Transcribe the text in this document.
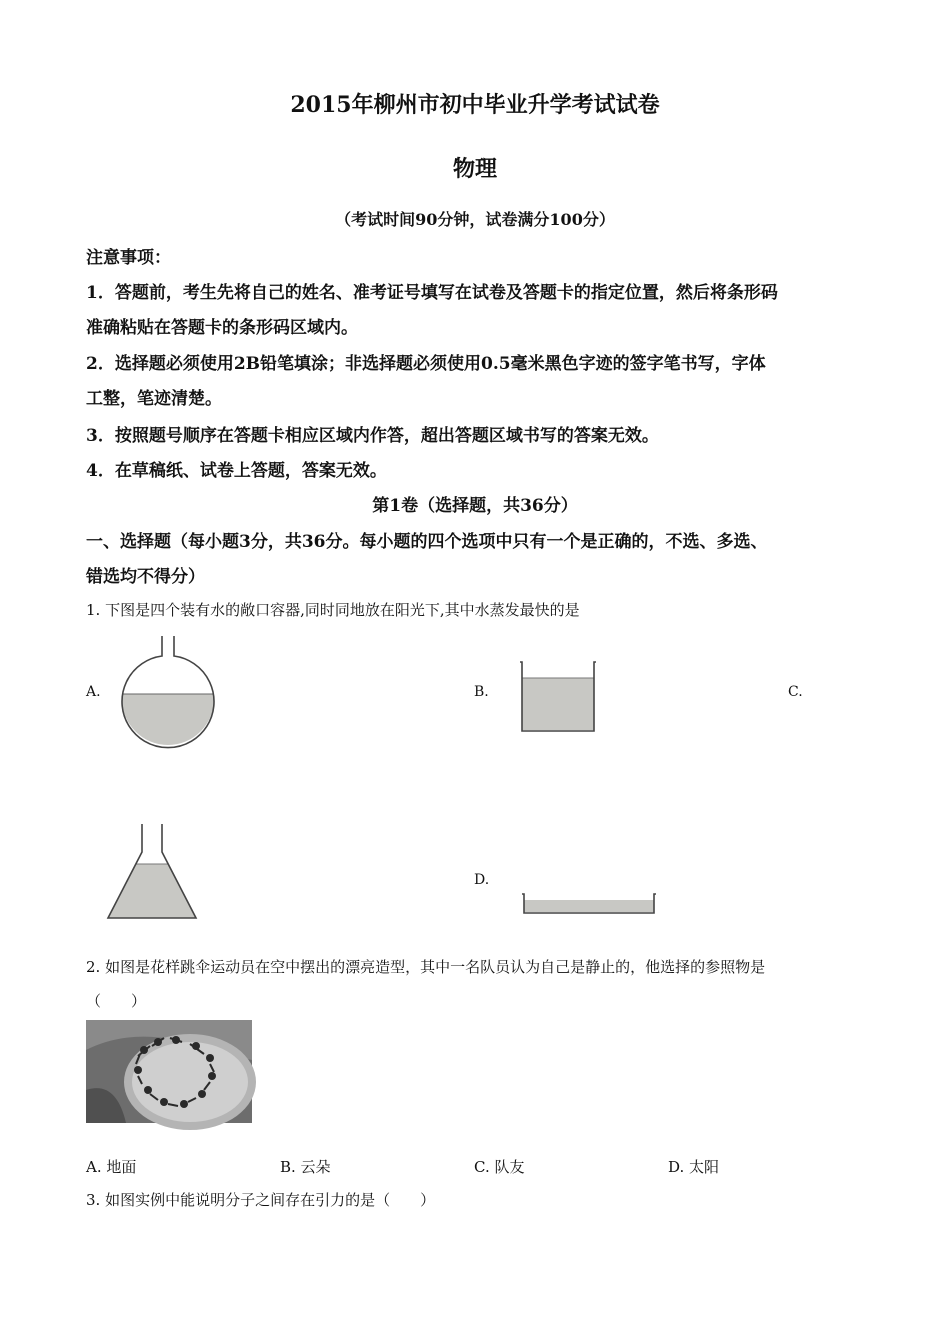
2015年柳州市初中毕业升学考试试卷
物理
（考试时间90分钟，试卷满分100分）
注意事项：
1．答题前，考生先将自己的姓名、准考证号填写在试卷及答题卡的指定位置，然后将条形码
准确粘贴在答题卡的条形码区域内。
2．选择题必须使用2B铅笔填涂；非选择题必须使用0.5毫米黑色字迹的签字笔书写，字体
工整，笔迹清楚。
3．按照题号顺序在答题卡相应区域内作答，超出答题区域书写的答案无效。
4．在草稿纸、试卷上答题，答案无效。
第1卷（选择题，共36分）
一、选择题（每小题3分，共36分。每小题的四个选项中只有一个是正确的，不选、多选、
错选均不得分）
1. 下图是四个装有水的敞口容器,同时同地放在阳光下,其中水蒸发最快的是
A.	B.	C.
D.
2. 如图是花样跳伞运动员在空中摆出的漂亮造型，其中一名队员认为自己是静止的，他选择的参照物是
（　　）
A. 地面	B. 云朵	C. 队友	D. 太阳
3. 如图实例中能说明分子之间存在引力的是（　　）
